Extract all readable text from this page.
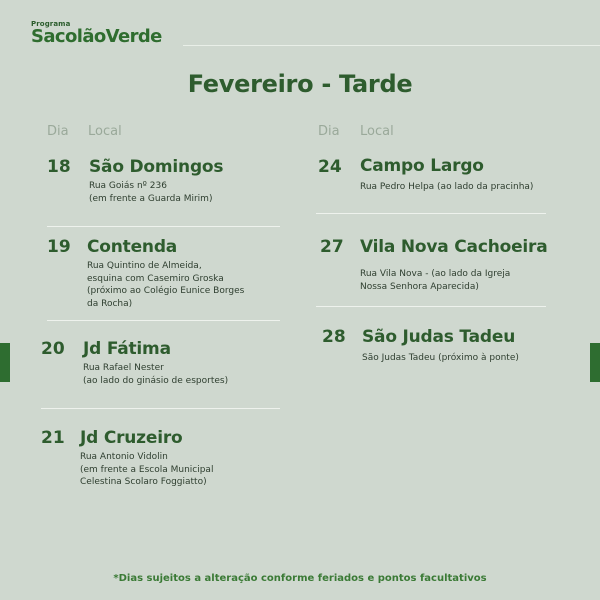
Programa
SacolãoVerde
Fevereiro - Tarde
Dia Local	Dia Local
18 São Domingos
Rua Goiás nº 236
(em frente a Guarda Mirim)
19 Contenda
Rua Quintino de Almeida,
esquina com Casemiro Groska
(próximo ao Colégio Eunice Borges
da Rocha)
20 Jd Fátima
Rua Rafael Nester
(ao lado do ginásio de esportes)
21 Jd Cruzeiro
Rua Antonio Vidolin
(em frente a Escola Municipal
Celestina Scolaro Foggiatto)
24 Campo Largo
Rua Pedro Helpa (ao lado da pracinha)
27 Vila Nova Cachoeira
Rua Vila Nova - (ao lado da Igreja
Nossa Senhora Aparecida)
28 São Judas Tadeu
São Judas Tadeu (próximo à ponte)
*Dias sujeitos a alteração conforme feriados e pontos facultativos
